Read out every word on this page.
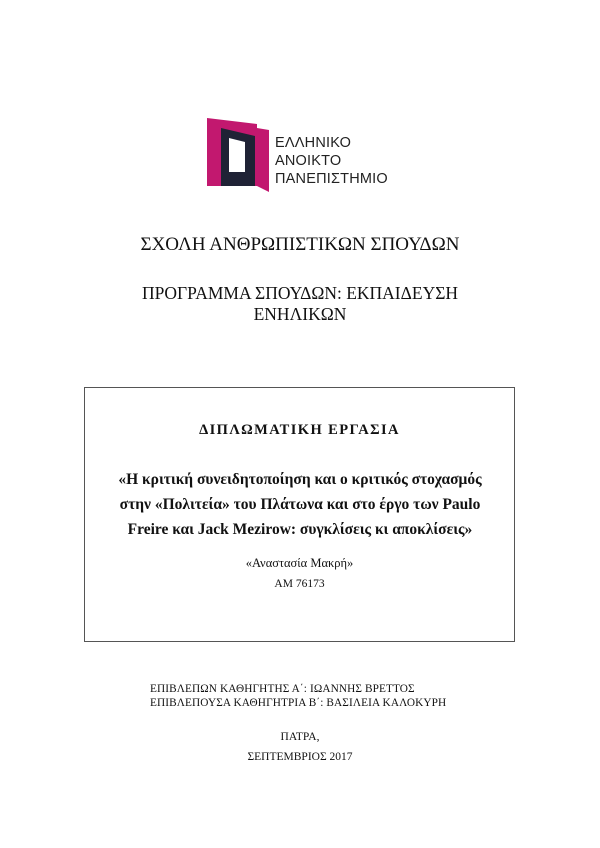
ΕΛΛΗΝΙΚΟ
ΑΝΟΙΚΤΟ
ΠΑΝΕΠΙΣΤΗΜΙΟ
ΣΧΟΛΗ ΑΝΘΡΩΠΙΣΤΙΚΩΝ ΣΠΟΥΔΩΝ
ΠΡΟΓΡΑΜΜΑ ΣΠΟΥΔΩΝ: ΕΚΠΑΙΔΕΥΣΗ
ΕΝΗΛΙΚΩΝ
ΔΙΠΛΩΜΑΤΙΚΗ ΕΡΓΑΣΙΑ
«Η κριτική συνειδητοποίηση και ο κριτικός στοχασμός
στην «Πολιτεία» του Πλάτωνα και στο έργο των Paulo
Freire και Jack Mezirow: συγκλίσεις κι αποκλίσεις»
«Αναστασία Μακρή»
ΑΜ 76173
ΕΠΙΒΛΕΠΩΝ ΚΑΘΗΓΗΤΗΣ Α΄: ΙΩΑΝΝΗΣ ΒΡΕΤΤΟΣ
ΕΠΙΒΛΕΠΟΥΣΑ ΚΑΘΗΓΗΤΡΙΑ Β΄: ΒΑΣΙΛΕΙΑ ΚΑΛΟΚΥΡΗ
ΠΑΤΡΑ,
ΣΕΠΤΕΜΒΡΙΟΣ 2017
